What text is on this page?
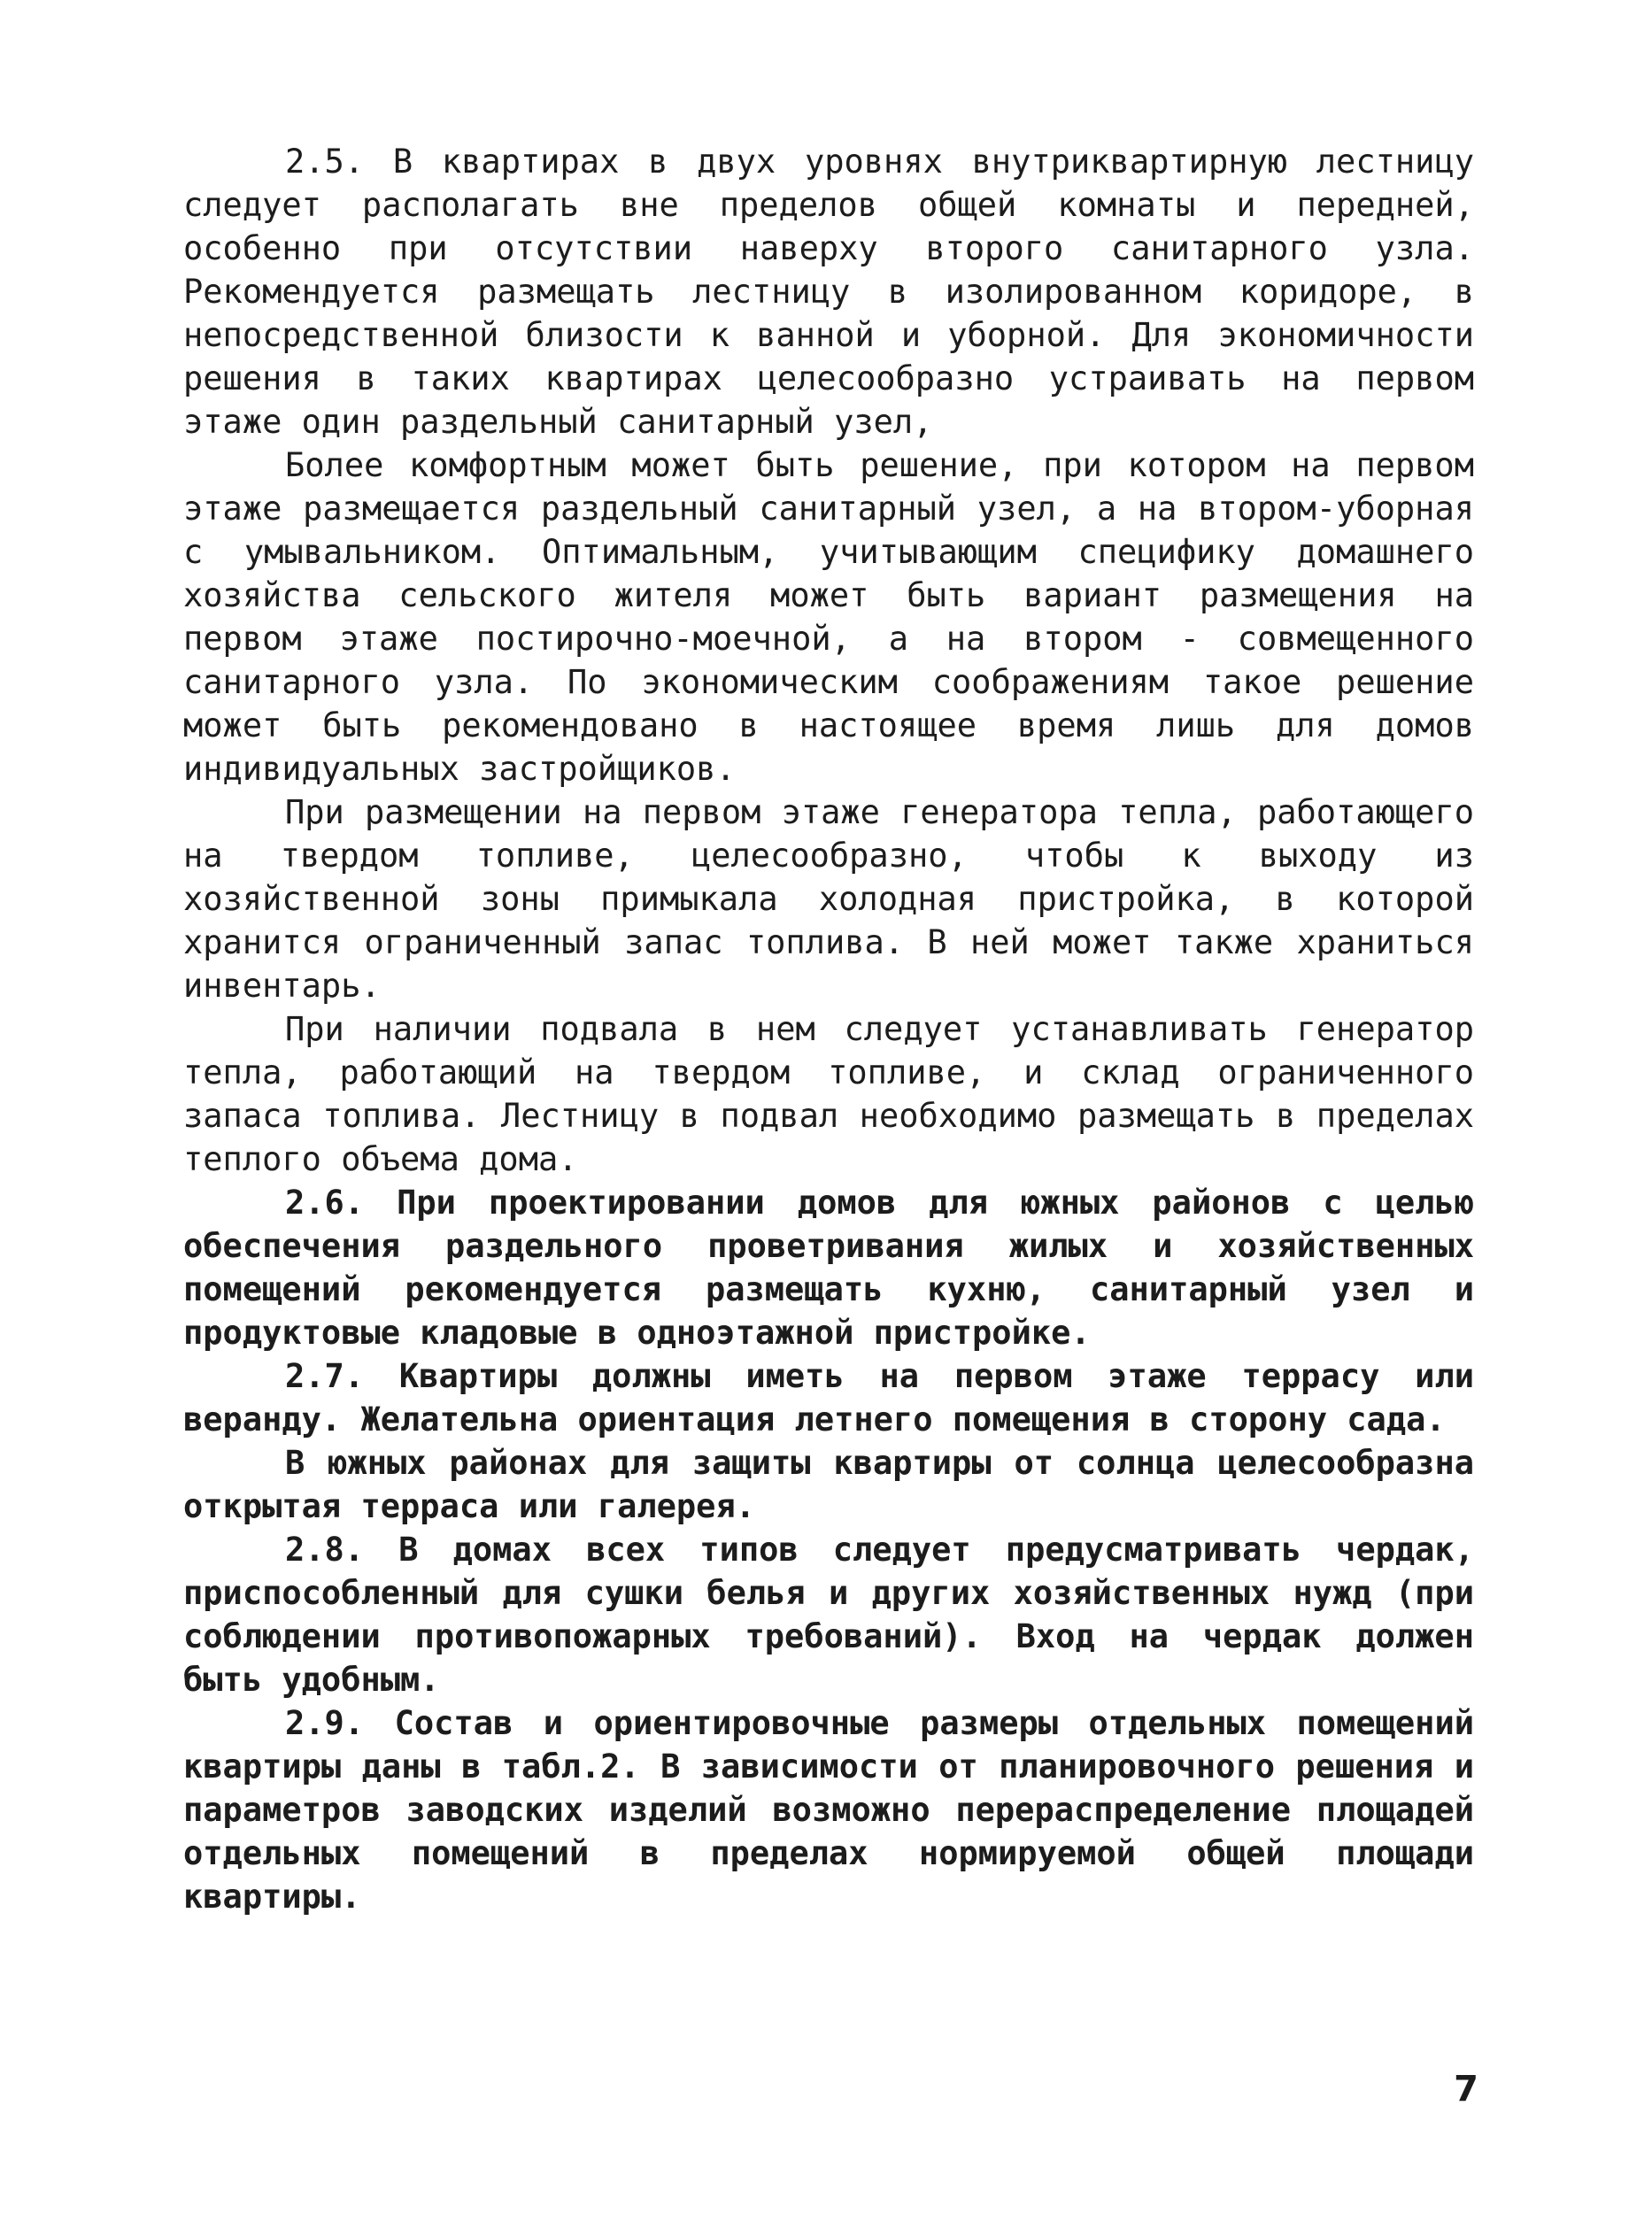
2.5. В квартирах в двух уровнях внутриквартирную лестницу следует располагать вне пределов общей комнаты и передней, особенно при отсутствии наверху второго санитарного узла. Рекомендуется размещать лестницу в изолированном коридоре, в непосредственной близости к ванной и уборной. Для экономичности решения в таких квартирах целесообразно устраивать на первом этаже один раздельный санитарный узел,

Более комфортным может быть решение, при котором на первом этаже размещается раздельный санитарный узел, а на втором-уборная с умывальником. Оптимальным, учитывающим специфику домашнего хозяйства сельского жителя может быть вариант размещения на первом этаже постирочно-моечной, а на втором - совмещенного санитарного узла. По экономическим соображениям такое решение может быть рекомендовано в настоящее время лишь для домов индивидуальных застройщиков.

При размещении на первом этаже генератора тепла, работающего на твердом топливе, целесообразно, чтобы к выходу из хозяйственной зоны примыкала холодная пристройка, в которой хранится ограниченный запас топлива. В ней может также храниться инвентарь.

При наличии подвала в нем следует устанавливать генератор тепла, работающий на твердом топливе, и склад ограниченного запаса топлива. Лестницу в подвал необходимо размещать в пределах теплого объема дома.

2.6. При проектировании домов для южных районов с целью обеспечения раздельного проветривания жилых и хозяйственных помещений рекомендуется размещать кухню, санитарный узел и продуктовые кладовые в одноэтажной пристройке.

2.7. Квартиры должны иметь на первом этаже террасу или веранду. Желательна ориентация летнего помещения в сторону сада.

В южных районах для защиты квартиры от солнца целесообразна открытая терраса или галерея.

2.8. В домах всех типов следует предусматривать чердак, приспособленный для сушки белья и других хозяйственных нужд (при соблюдении противопожарных требований). Вход на чердак должен быть удобным.

2.9. Состав и ориентировочные размеры отдельных помещений квартиры даны в табл.2. В зависимости от планировочного решения и параметров заводских изделий возможно перераспределение площадей отдельных помещений в пределах нормируемой общей площади квартиры.

7
